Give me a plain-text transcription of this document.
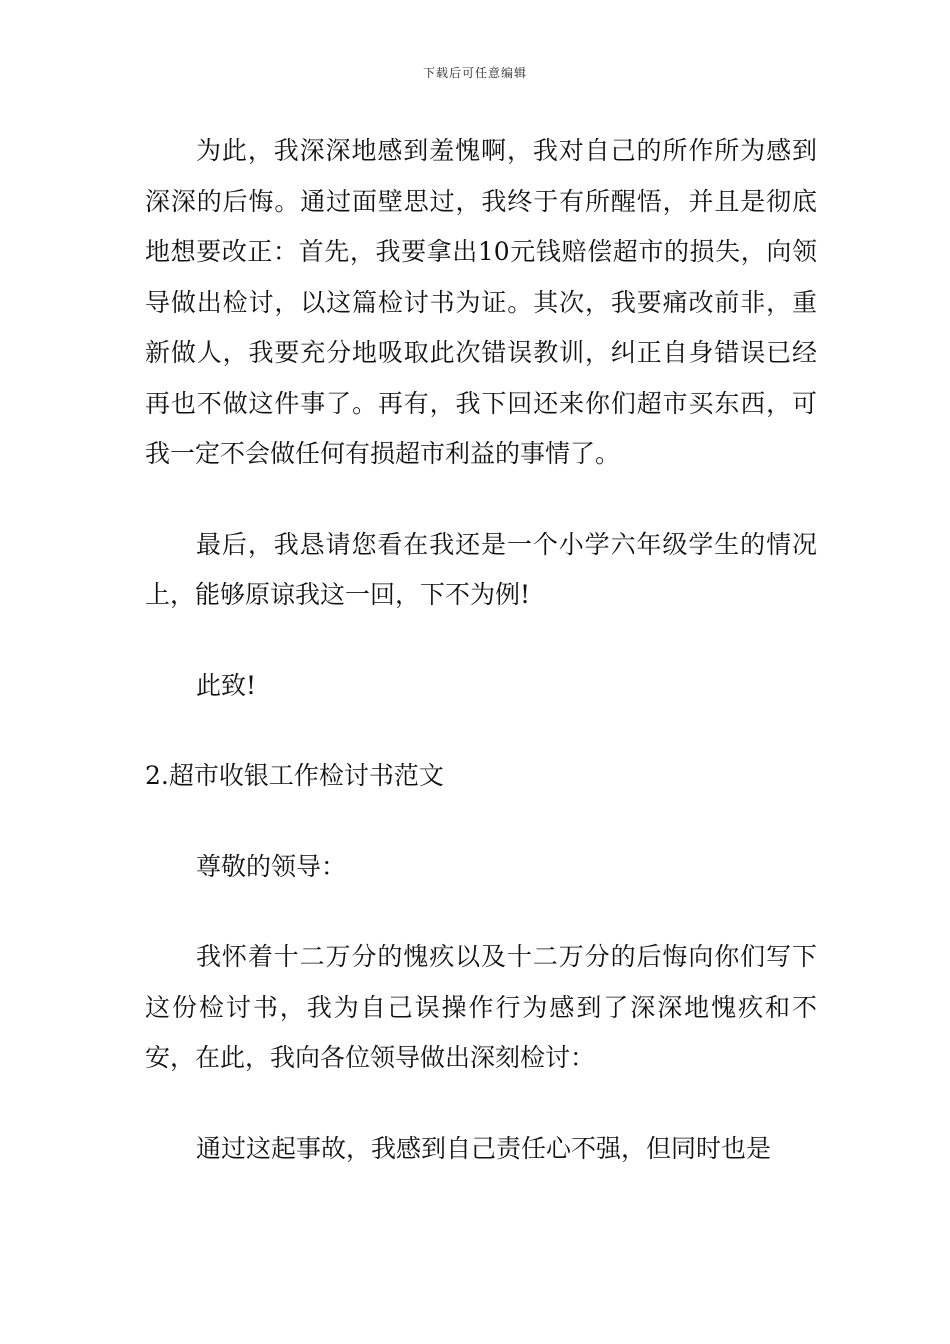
下载后可任意编辑

为此，我深深地感到羞愧啊，我对自己的所作所为感到深深的后悔。通过面壁思过，我终于有所醒悟，并且是彻底地想要改正：首先，我要拿出10元钱赔偿超市的损失，向领导做出检讨，以这篇检讨书为证。其次，我要痛改前非，重新做人，我要充分地吸取此次错误教训，纠正自身错误已经再也不做这件事了。再有，我下回还来你们超市买东西，可我一定不会做任何有损超市利益的事情了。

最后，我恳请您看在我还是一个小学六年级学生的情况上，能够原谅我这一回，下不为例!

此致!

2.超市收银工作检讨书范文

尊敬的领导：

我怀着十二万分的愧疚以及十二万分的后悔向你们写下这份检讨书，我为自己误操作行为感到了深深地愧疚和不安，在此，我向各位领导做出深刻检讨：

通过这起事故，我感到自己责任心不强，但同时也是
